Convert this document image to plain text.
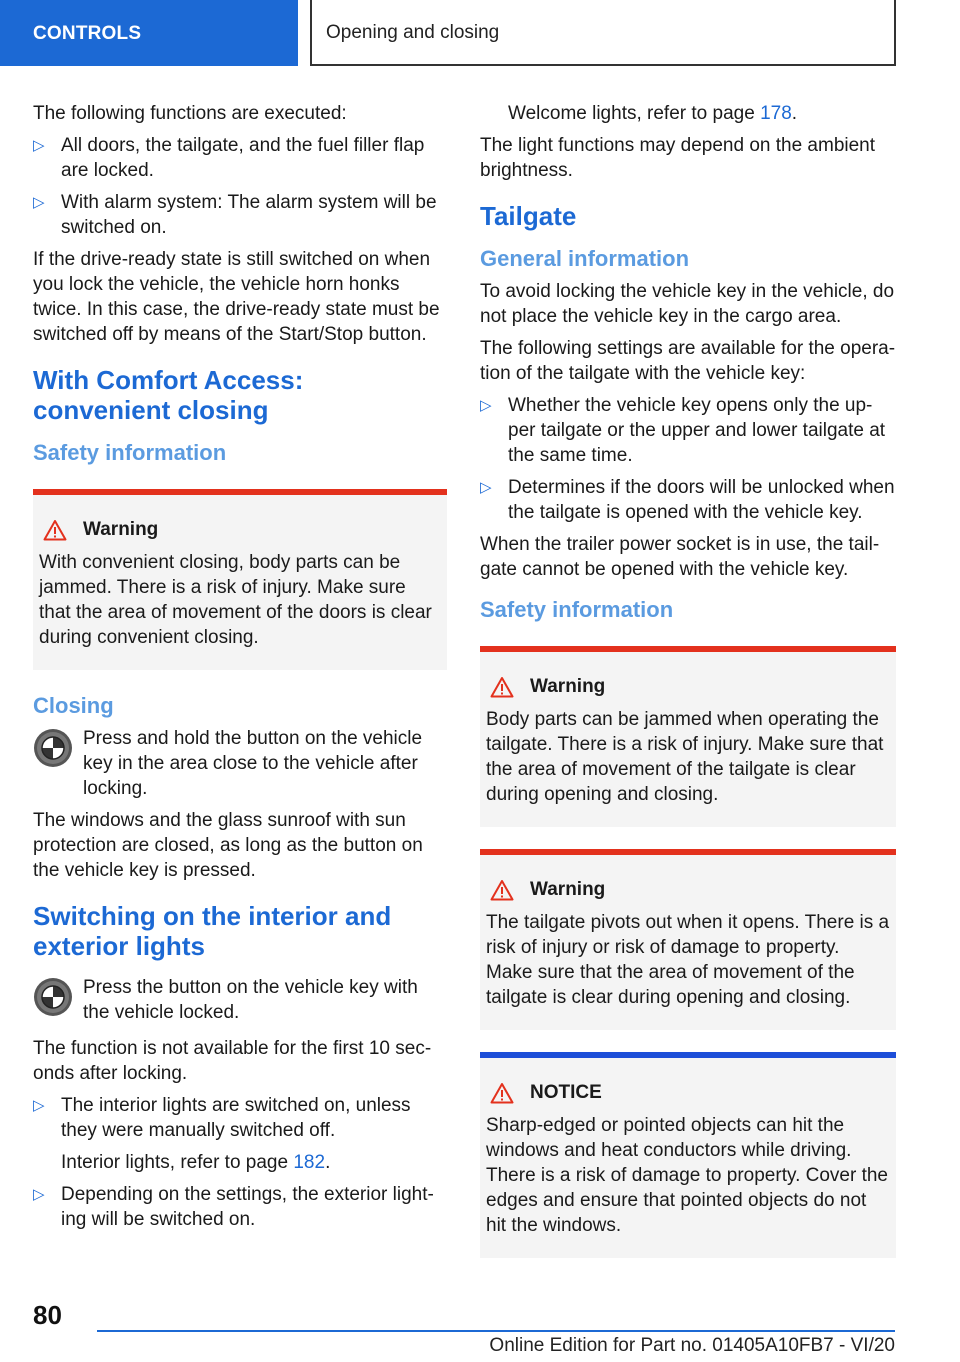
CONTROLS	Opening and closing

The following functions are executed:

▷ All doors, the tailgate, and the fuel filler flap are locked.
▷ With alarm system: The alarm system will be switched on.

If the drive-ready state is still switched on when you lock the vehicle, the vehicle horn honks twice. In this case, the drive-ready state must be switched off by means of the Start/Stop button.

With Comfort Access: convenient closing
Safety information
Warning
With convenient closing, body parts can be jammed. There is a risk of injury. Make sure that the area of movement of the doors is clear during convenient closing.
Closing
Press and hold the button on the vehicle key in the area close to the vehicle after locking.

The windows and the glass sunroof with sun protection are closed, as long as the button on the vehicle key is pressed.

Switching on the interior and exterior lights
Press the button on the vehicle key with the vehicle locked.

The function is not available for the first 10 sec-onds after locking.

▷ The interior lights are switched on, unless they were manually switched off.
Interior lights, refer to page 182.
▷ Depending on the settings, the exterior light-ing will be switched on.
Welcome lights, refer to page 178.

The light functions may depend on the ambient brightness.

Tailgate
General information

To avoid locking the vehicle key in the vehicle, do not place the vehicle key in the cargo area.

The following settings are available for the opera-tion of the tailgate with the vehicle key:

▷ Whether the vehicle key opens only the up-per tailgate or the upper and lower tailgate at the same time.
▷ Determines if the doors will be unlocked when the tailgate is opened with the vehicle key.

When the trailer power socket is in use, the tail-gate cannot be opened with the vehicle key.

Safety information
Warning
Body parts can be jammed when operating the tailgate. There is a risk of injury. Make sure that the area of movement of the tailgate is clear during opening and closing.
Warning
The tailgate pivots out when it opens. There is a risk of injury or risk of damage to property. Make sure that the area of movement of the tailgate is clear during opening and closing.
NOTICE
Sharp-edged or pointed objects can hit the windows and heat conductors while driving. There is a risk of damage to property. Cover the edges and ensure that pointed objects do not hit the windows.
80
Online Edition for Part no. 01405A10FB7 - VI/20
